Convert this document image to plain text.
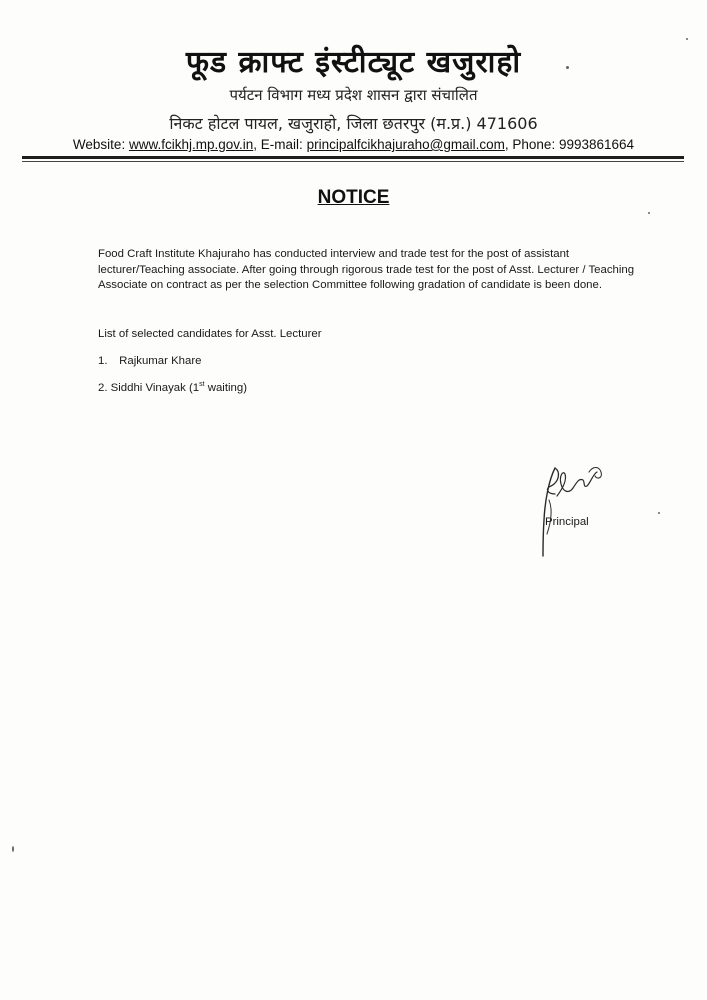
फूड क्राफ्ट इंस्टीट्यूट खजुराहो
पर्यटन विभाग मध्य प्रदेश शासन द्वारा संचालित
निकट होटल पायल, खजुराहो, जिला छतरपुर (म.प्र.) 471606
Website: www.fcikhj.mp.gov.in, E-mail: principalfcikhajuraho@gmail.com, Phone: 9993861664
NOTICE

Food Craft Institute Khajuraho has conducted interview and trade test for the post of assistant lecturer/Teaching associate. After going through rigorous trade test for the post of Asst. Lecturer / Teaching Associate on contract as per the selection Committee following gradation of candidate is been done.

List of selected candidates for Asst. Lecturer
1. Rajkumar Khare
2. Siddhi Vinayak (1st waiting)
Principal
